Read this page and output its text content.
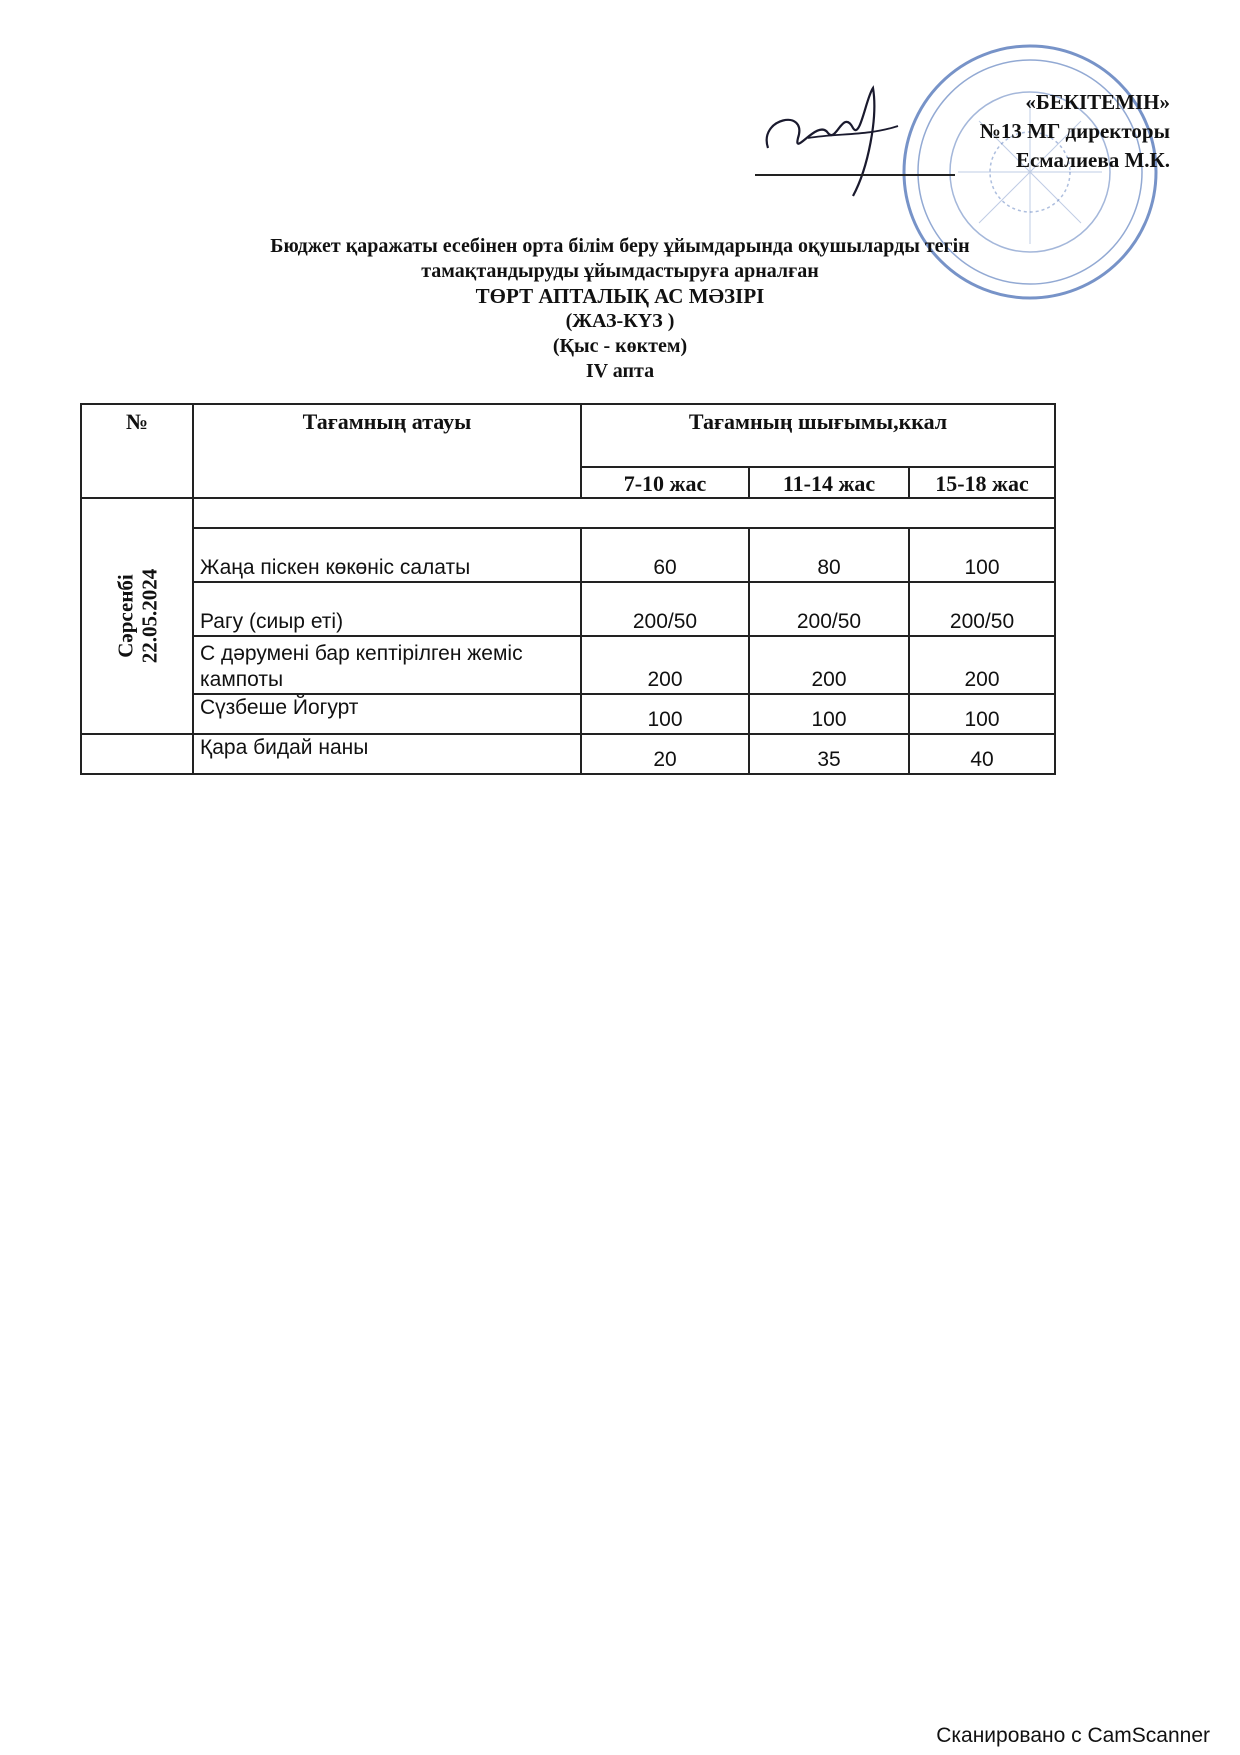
«БЕКІТЕМІН»
№13 МГ директоры
Есмалиева М.К.
Бюджет қаражаты есебінен орта білім беру ұйымдарында оқушыларды тегін
тамақтандыруды ұйымдастыруға арналған
ТӨРТ АПТАЛЫҚ АС МӘЗІРІ
(ЖАЗ-КҮЗ )
(Қыс - көктем)
IV апта
№	Тағамның атауы	Тағамның шығымы,ккал		
		7-10 жас	11-14 жас	15-18 жас
Сәрсенбі
22.05.2024				
	Жаңа піскен көкөніс салаты	60	80	100
	Рагу (сиыр еті)	200/50	200/50	200/50
	С дәрумені бар кептірілген жеміс кампоты	200	200	200
	Сүзбеше Йогурт	100	100	100
	Қара бидай наны	20	35	40
Сканировано с CamScanner
